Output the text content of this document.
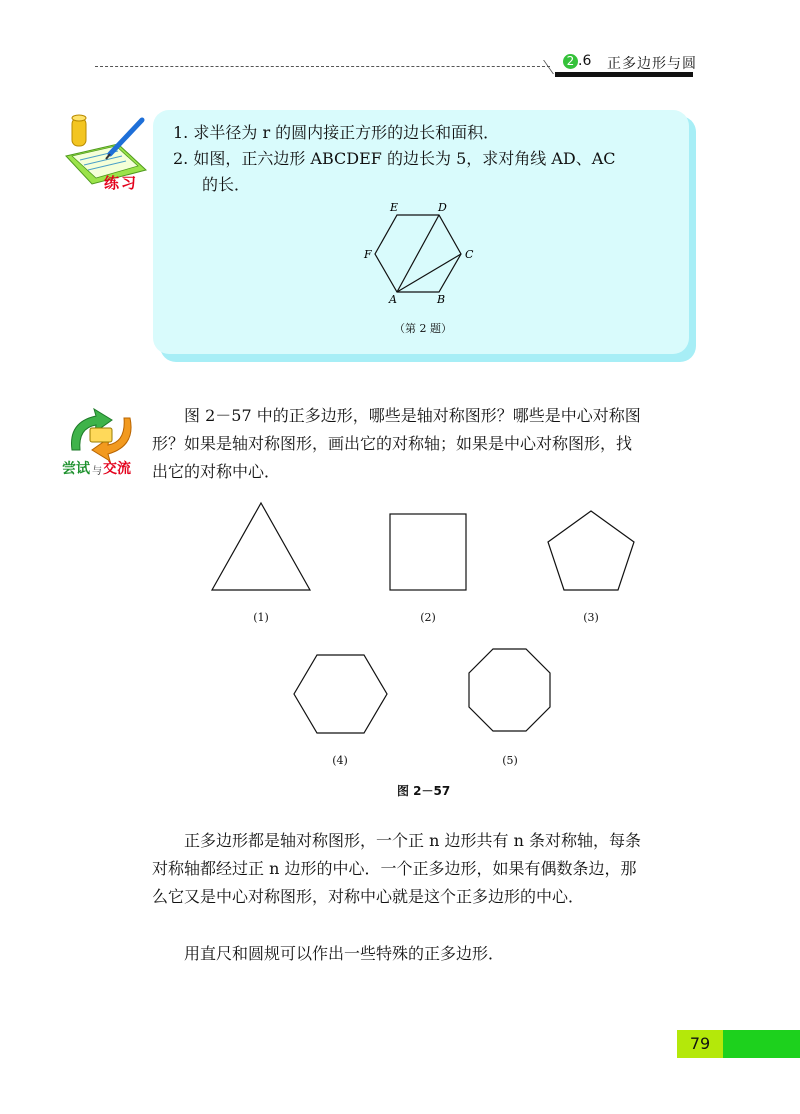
2 .6 正多边形与圆
练习
1. 求半径为 r 的圆内接正方形的边长和面积．
2. 如图，正六边形 ABCDEF 的边长为 5，求对角线 AD、AC
的长．
A	B
C
D
E
F
（第 2 题）
尝试 与 交流
图 2－57 中的正多边形，哪些是轴对称图形？哪些是中心对称图
形？如果是轴对称图形，画出它的对称轴；如果是中心对称图形，找
出它的对称中心．
(1)	(2)	(3)
(4)	(5)
图 2－57
正多边形都是轴对称图形，一个正 n 边形共有 n 条对称轴，每条
对称轴都经过正 n 边形的中心．一个正多边形，如果有偶数条边，那
么它又是中心对称图形，对称中心就是这个正多边形的中心．
用直尺和圆规可以作出一些特殊的正多边形．
79
